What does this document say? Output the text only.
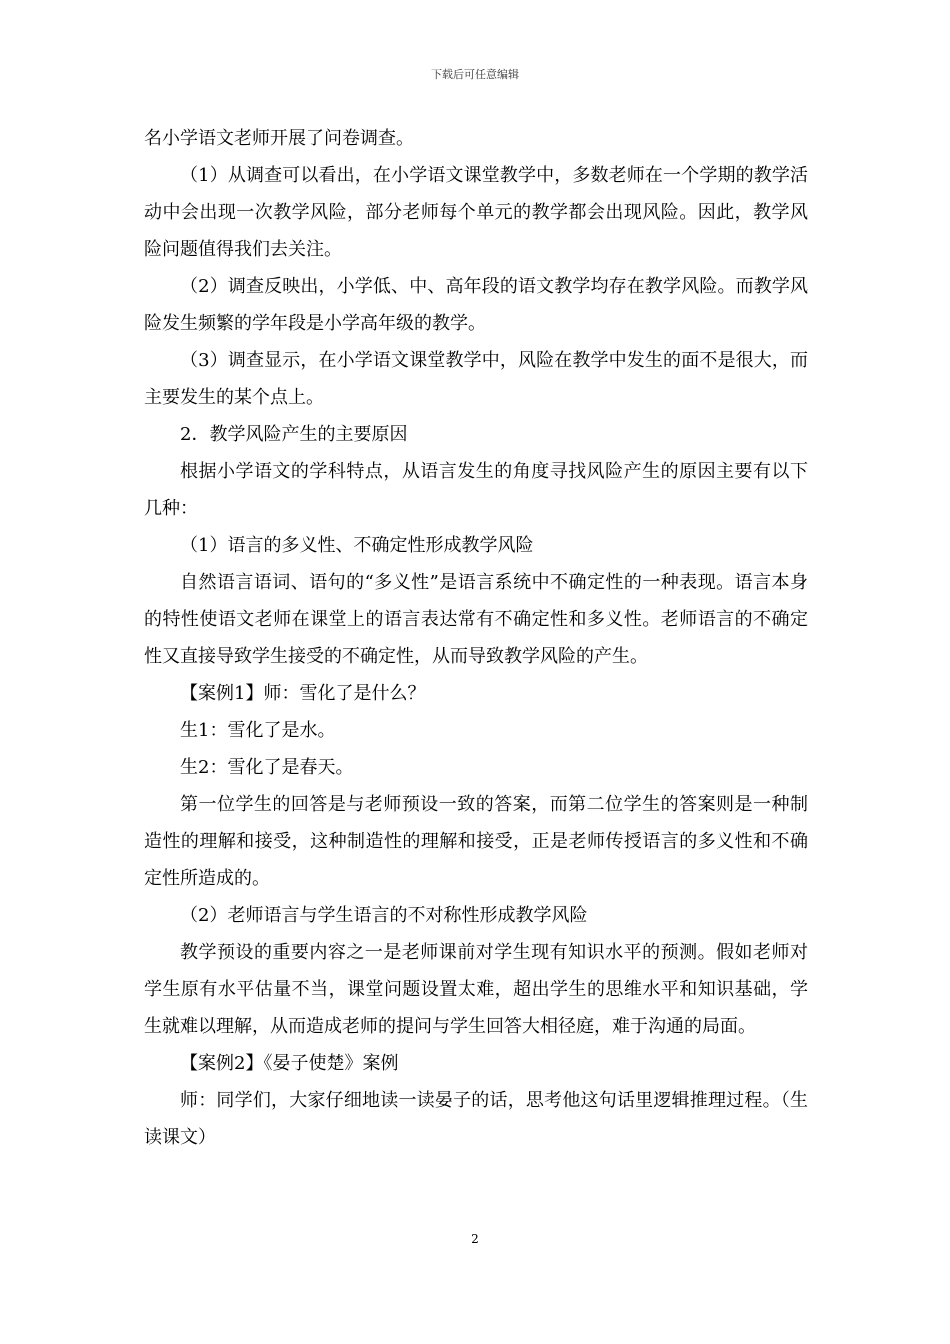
下载后可任意编辑

名小学语文老师开展了问卷调查。

（1）从调查可以看出，在小学语文课堂教学中，多数老师在一个学期的教学活动中会出现一次教学风险，部分老师每个单元的教学都会出现风险。因此，教学风险问题值得我们去关注。

（2）调查反映出，小学低、中、高年段的语文教学均存在教学风险。而教学风险发生频繁的学年段是小学高年级的教学。

（3）调查显示，在小学语文课堂教学中，风险在教学中发生的面不是很大，而主要发生的某个点上。

2．教学风险产生的主要原因

根据小学语文的学科特点，从语言发生的角度寻找风险产生的原因主要有以下几种：

（1）语言的多义性、不确定性形成教学风险

自然语言语词、语句的“多义性”是语言系统中不确定性的一种表现。语言本身的特性使语文老师在课堂上的语言表达常有不确定性和多义性。老师语言的不确定性又直接导致学生接受的不确定性，从而导致教学风险的产生。

【案例1】师：雪化了是什么？

生1：雪化了是水。

生2：雪化了是春天。

第一位学生的回答是与老师预设一致的答案，而第二位学生的答案则是一种制造性的理解和接受，这种制造性的理解和接受，正是老师传授语言的多义性和不确定性所造成的。

（2）老师语言与学生语言的不对称性形成教学风险

教学预设的重要内容之一是老师课前对学生现有知识水平的预测。假如老师对学生原有水平估量不当，课堂问题设置太难，超出学生的思维水平和知识基础，学生就难以理解，从而造成老师的提问与学生回答大相径庭，难于沟通的局面。

【案例2】《晏子使楚》案例

师：同学们，大家仔细地读一读晏子的话，思考他这句话里逻辑推理过程。（生读课文）

2
